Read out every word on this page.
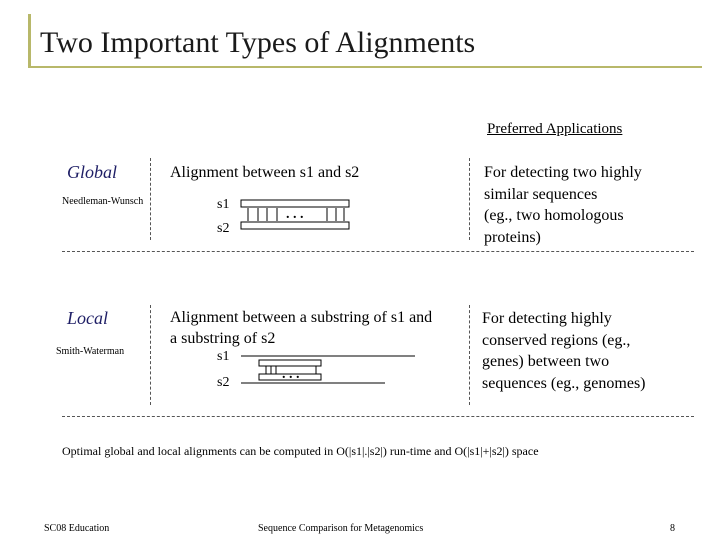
Two Important Types of Alignments
Preferred Applications
Global
Needleman-Wunsch
Alignment between s1 and s2
s1
s2
. . .
For detecting two highly
similar sequences
(eg., two homologous
proteins)
Local
Smith-Waterman
Alignment between a substring of s1 and
a substring of s2
s1
s2
. . .
For detecting highly
conserved regions (eg.,
genes) between two
sequences (eg., genomes)
Optimal global and local alignments can be computed in O(|s1|.|s2|) run-time and O(|s1|+|s2|) space
SC08 Education	Sequence Comparison for Metagenomics	8
